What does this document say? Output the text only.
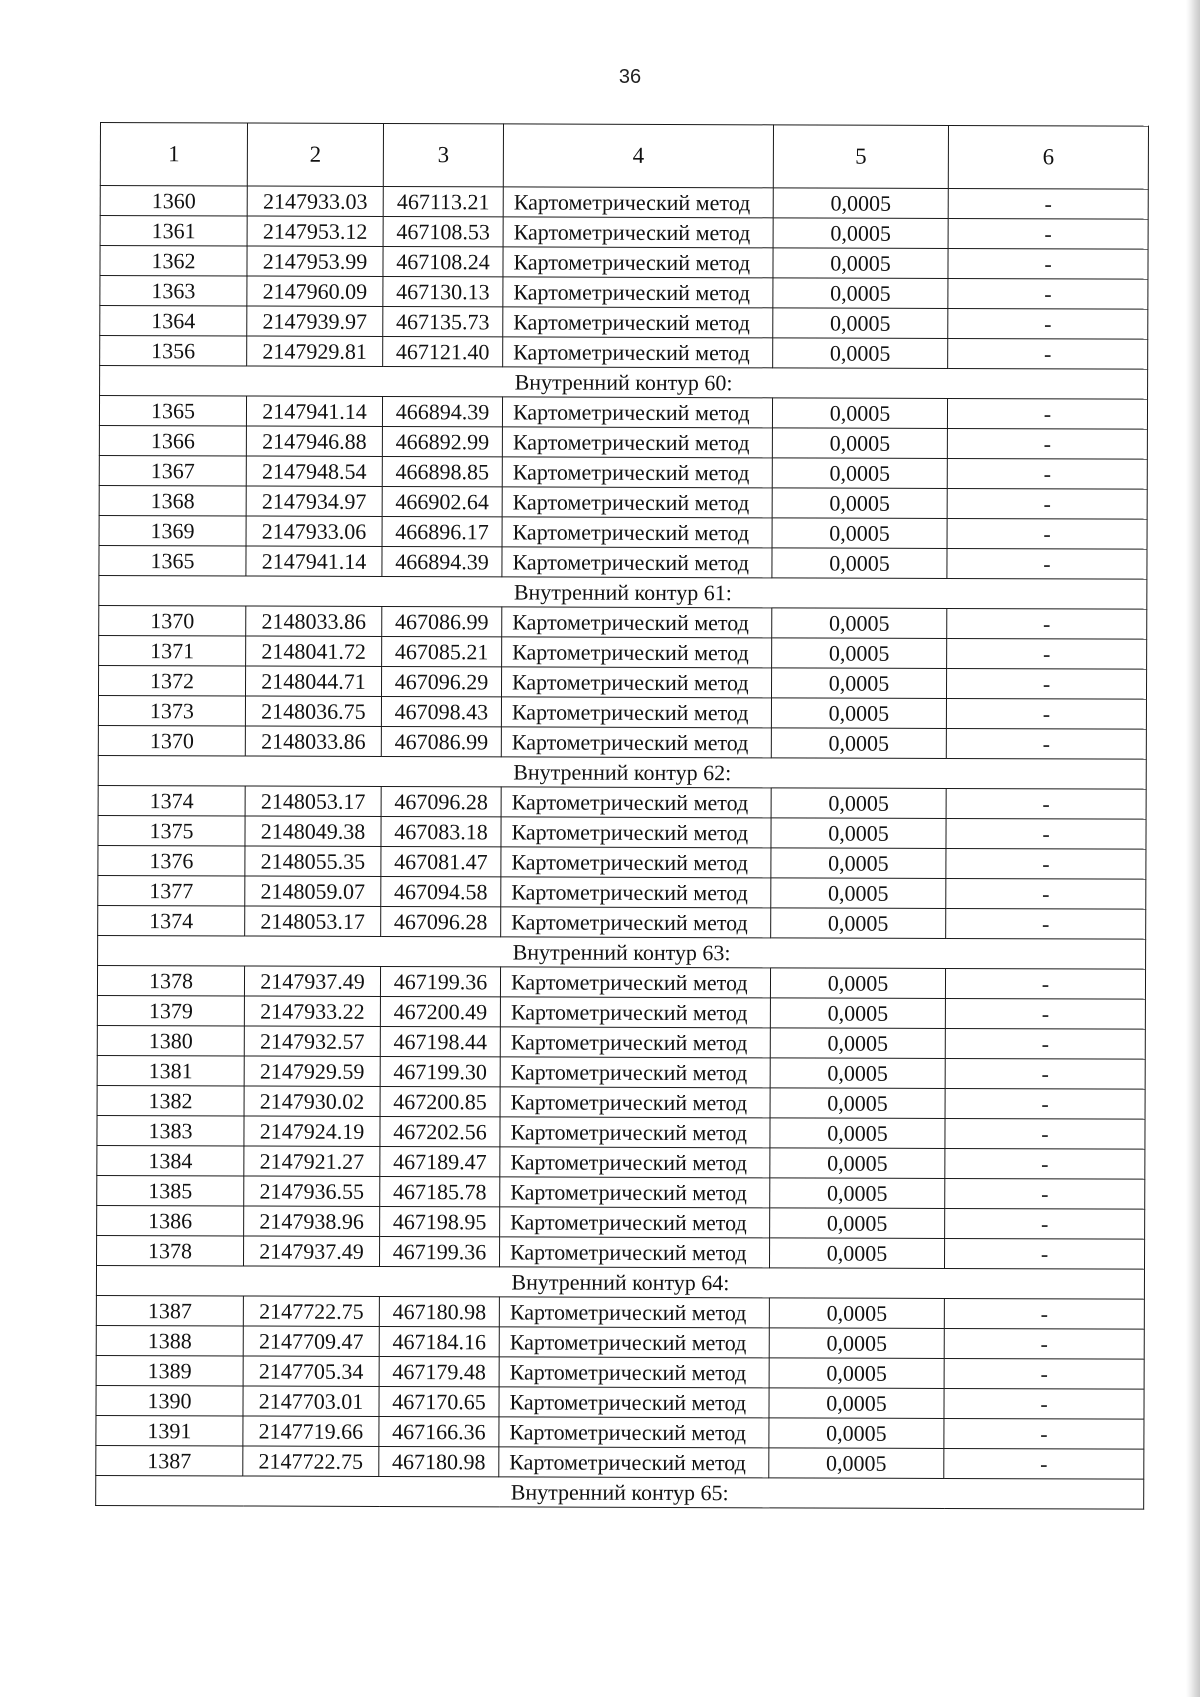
36
1	2	3	4	5	6
1360	2147933.03	467113.21	Картометрический метод	0,0005	-
1361	2147953.12	467108.53	Картометрический метод	0,0005	-
1362	2147953.99	467108.24	Картометрический метод	0,0005	-
1363	2147960.09	467130.13	Картометрический метод	0,0005	-
1364	2147939.97	467135.73	Картометрический метод	0,0005	-
1356	2147929.81	467121.40	Картометрический метод	0,0005	-
Внутренний контур 60:					
1365	2147941.14	466894.39	Картометрический метод	0,0005	-
1366	2147946.88	466892.99	Картометрический метод	0,0005	-
1367	2147948.54	466898.85	Картометрический метод	0,0005	-
1368	2147934.97	466902.64	Картометрический метод	0,0005	-
1369	2147933.06	466896.17	Картометрический метод	0,0005	-
1365	2147941.14	466894.39	Картометрический метод	0,0005	-
Внутренний контур 61:					
1370	2148033.86	467086.99	Картометрический метод	0,0005	-
1371	2148041.72	467085.21	Картометрический метод	0,0005	-
1372	2148044.71	467096.29	Картометрический метод	0,0005	-
1373	2148036.75	467098.43	Картометрический метод	0,0005	-
1370	2148033.86	467086.99	Картометрический метод	0,0005	-
Внутренний контур 62:					
1374	2148053.17	467096.28	Картометрический метод	0,0005	-
1375	2148049.38	467083.18	Картометрический метод	0,0005	-
1376	2148055.35	467081.47	Картометрический метод	0,0005	-
1377	2148059.07	467094.58	Картометрический метод	0,0005	-
1374	2148053.17	467096.28	Картометрический метод	0,0005	-
Внутренний контур 63:					
1378	2147937.49	467199.36	Картометрический метод	0,0005	-
1379	2147933.22	467200.49	Картометрический метод	0,0005	-
1380	2147932.57	467198.44	Картометрический метод	0,0005	-
1381	2147929.59	467199.30	Картометрический метод	0,0005	-
1382	2147930.02	467200.85	Картометрический метод	0,0005	-
1383	2147924.19	467202.56	Картометрический метод	0,0005	-
1384	2147921.27	467189.47	Картометрический метод	0,0005	-
1385	2147936.55	467185.78	Картометрический метод	0,0005	-
1386	2147938.96	467198.95	Картометрический метод	0,0005	-
1378	2147937.49	467199.36	Картометрический метод	0,0005	-
Внутренний контур 64:					
1387	2147722.75	467180.98	Картометрический метод	0,0005	-
1388	2147709.47	467184.16	Картометрический метод	0,0005	-
1389	2147705.34	467179.48	Картометрический метод	0,0005	-
1390	2147703.01	467170.65	Картометрический метод	0,0005	-
1391	2147719.66	467166.36	Картометрический метод	0,0005	-
1387	2147722.75	467180.98	Картометрический метод	0,0005	-
Внутренний контур 65:					
